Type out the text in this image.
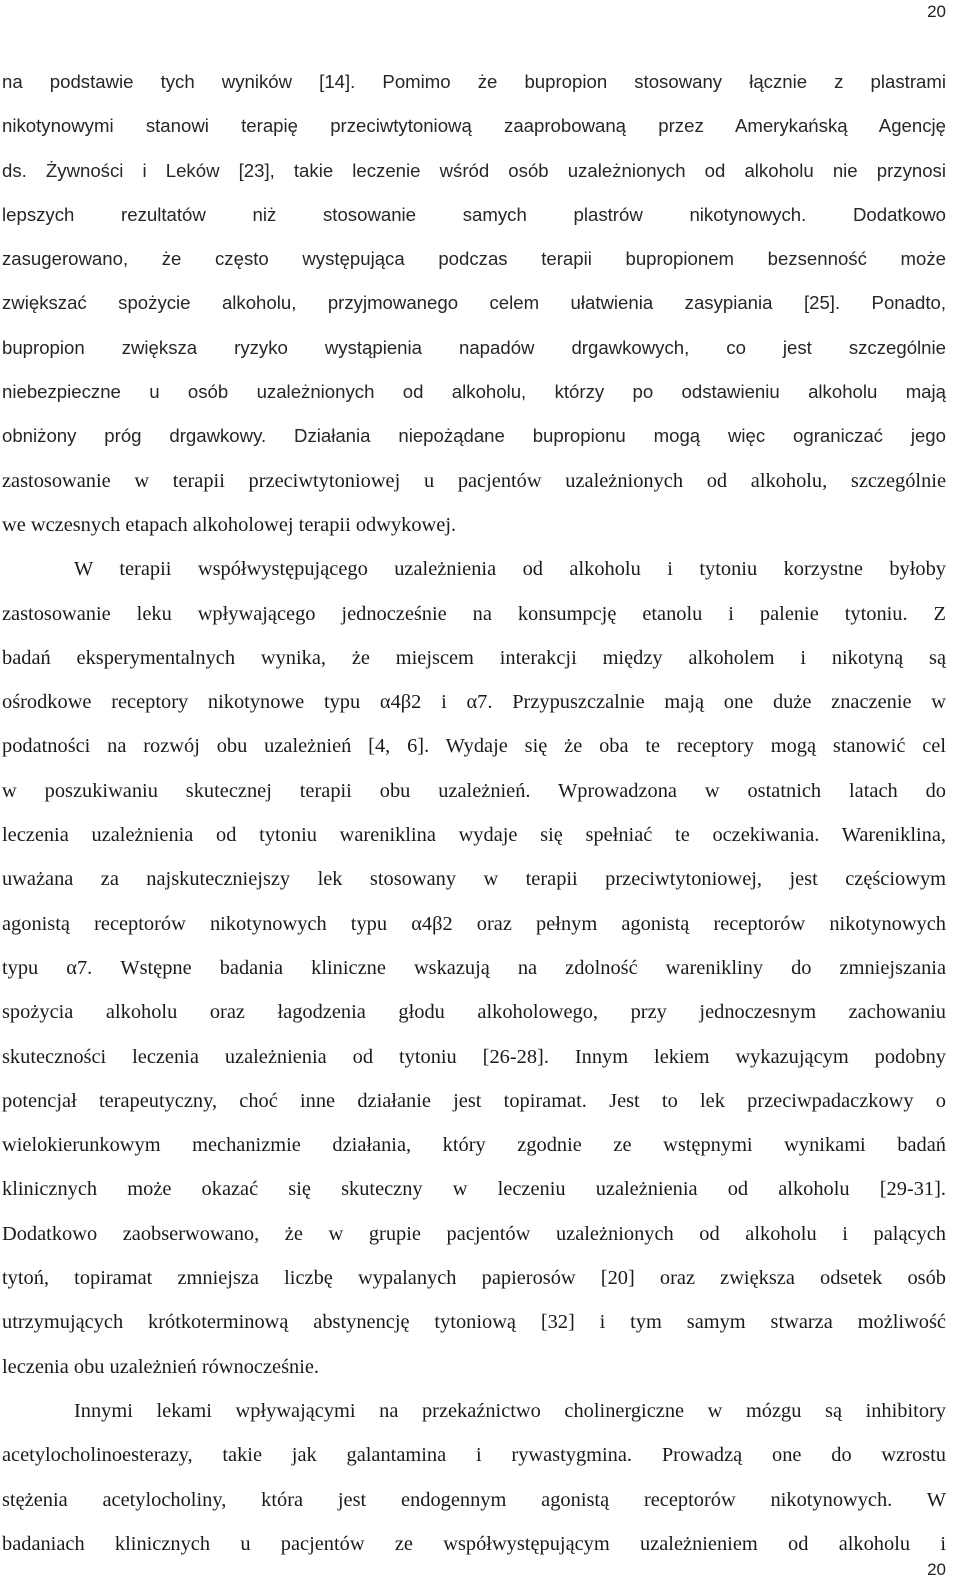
20
na podstawie tych wyników [14]. Pomimo że bupropion stosowany łącznie z plastrami
nikotynowymi stanowi terapię przeciwtytoniową zaaprobowaną przez Amerykańską Agencję
ds. Żywności i Leków [23], takie leczenie wśród osób uzależnionych od alkoholu nie przynosi
lepszych rezultatów niż stosowanie samych plastrów nikotynowych. Dodatkowo
zasugerowano, że często występująca podczas terapii bupropionem bezsenność może
zwiększać spożycie alkoholu, przyjmowanego celem ułatwienia zasypiania [25]. Ponadto,
bupropion zwiększa ryzyko wystąpienia napadów drgawkowych, co jest szczególnie
niebezpieczne u osób uzależnionych od alkoholu, którzy po odstawieniu alkoholu mają
obniżony próg drgawkowy. Działania niepożądane bupropionu mogą więc ograniczać jego
zastosowanie w terapii przeciwtytoniowej u pacjentów uzależnionych od alkoholu, szczególnie
we wczesnych etapach alkoholowej terapii odwykowej.
W terapii współwystępującego uzależnienia od alkoholu i tytoniu korzystne byłoby
zastosowanie leku wpływającego jednocześnie na konsumpcję etanolu i palenie tytoniu. Z
badań eksperymentalnych wynika, że miejscem interakcji między alkoholem i nikotyną są
ośrodkowe receptory nikotynowe typu α4β2 i α7. Przypuszczalnie mają one duże znaczenie w
podatności na rozwój obu uzależnień [4, 6]. Wydaje się że oba te receptory mogą stanowić cel
w poszukiwaniu skutecznej terapii obu uzależnień. Wprowadzona w ostatnich latach do
leczenia uzależnienia od tytoniu wareniklina wydaje się spełniać te oczekiwania. Wareniklina,
uważana za najskuteczniejszy lek stosowany w terapii przeciwtytoniowej, jest częściowym
agonistą receptorów nikotynowych typu α4β2 oraz pełnym agonistą receptorów nikotynowych
typu α7. Wstępne badania kliniczne wskazują na zdolność warenikliny do zmniejszania
spożycia alkoholu oraz łagodzenia głodu alkoholowego, przy jednoczesnym zachowaniu
skuteczności leczenia uzależnienia od tytoniu [26-28]. Innym lekiem wykazującym podobny
potencjał terapeutyczny, choć inne działanie jest topiramat. Jest to lek przeciwpadaczkowy o
wielokierunkowym mechanizmie działania, który zgodnie ze wstępnymi wynikami badań
klinicznych może okazać się skuteczny w leczeniu uzależnienia od alkoholu [29-31].
Dodatkowo zaobserwowano, że w grupie pacjentów uzależnionych od alkoholu i palących
tytoń, topiramat zmniejsza liczbę wypalanych papierosów [20] oraz zwiększa odsetek osób
utrzymujących krótkoterminową abstynencję tytoniową [32] i tym samym stwarza możliwość
leczenia obu uzależnień równocześnie.
Innymi lekami wpływającymi na przekaźnictwo cholinergiczne w mózgu są inhibitory
acetylocholinoesterazy, takie jak galantamina i rywastygmina. Prowadzą one do wzrostu
stężenia acetylocholiny, która jest endogennym agonistą receptorów nikotynowych. W
badaniach klinicznych u pacjentów ze współwystępującym uzależnieniem od alkoholu i
20
